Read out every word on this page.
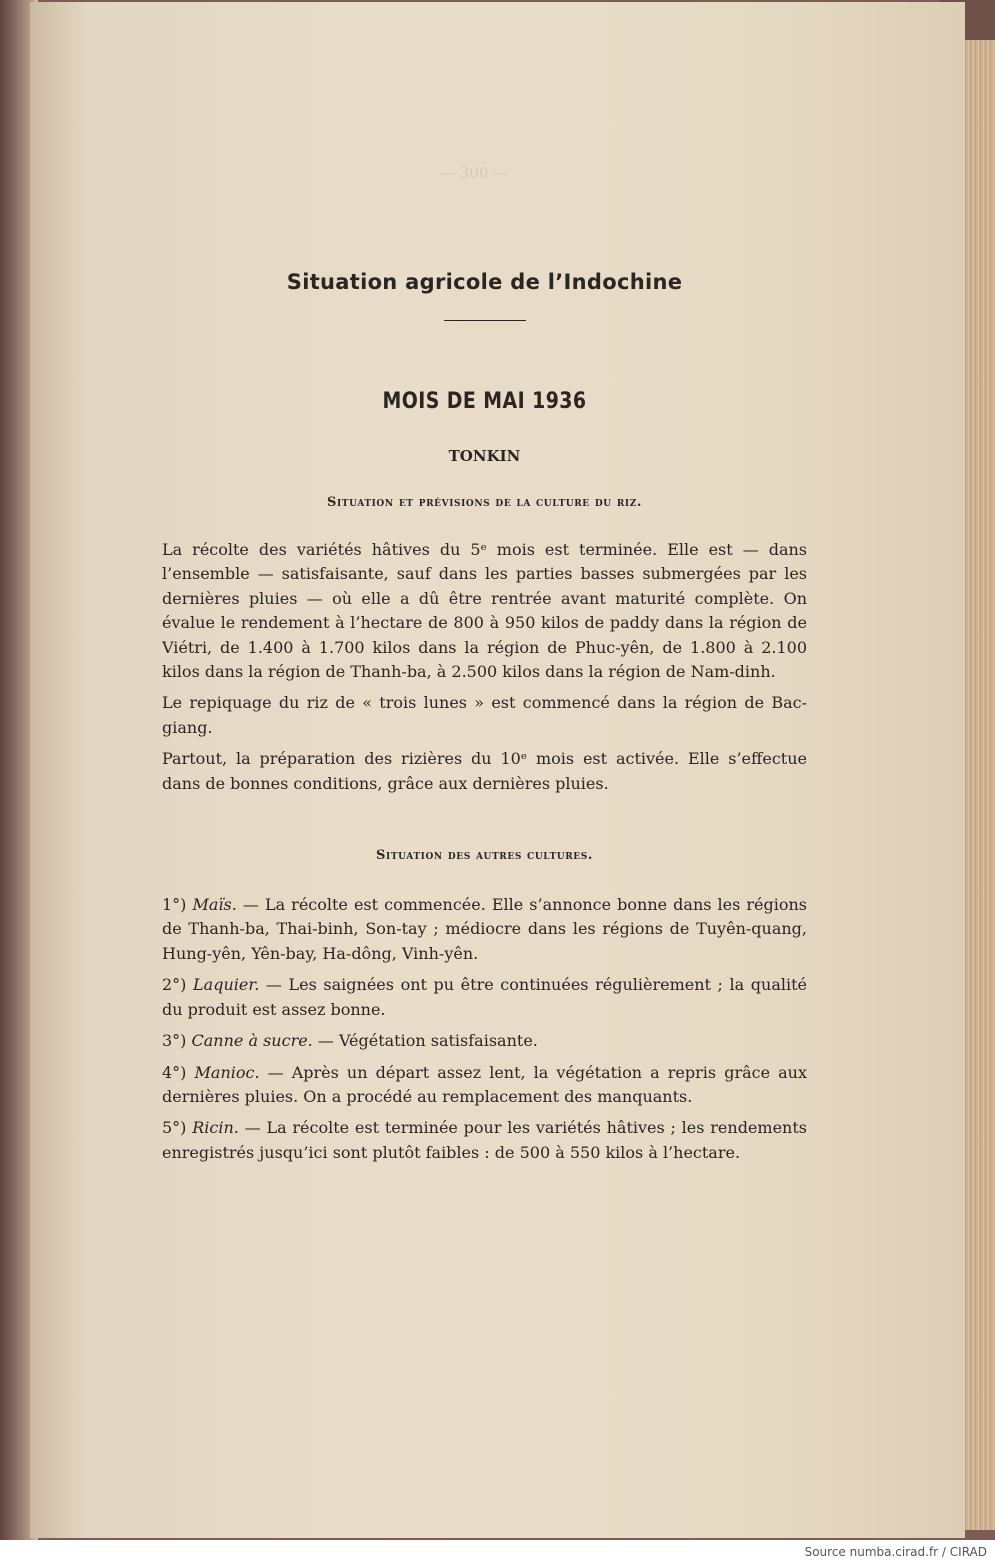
— 300 —
Situation agricole de l’Indochine
MOIS DE MAI 1936
TONKIN
Situation et prévisions de la culture du riz.

La récolte des variétés hâtives du 5ᵉ mois est terminée. Elle est — dans l’ensemble — satisfaisante, sauf dans les parties basses submergées par les dernières pluies — où elle a dû être rentrée avant maturité complète. On évalue le rendement à l’hectare de 800 à 950 kilos de paddy dans la région de Viétri, de 1.400 à 1.700 kilos dans la région de Phuc-yên, de 1.800 à 2.100 kilos dans la région de Thanh-ba, à 2.500 kilos dans la région de Nam-dinh.

Le repiquage du riz de « trois lunes » est commencé dans la région de Bac-giang.

Partout, la préparation des rizières du 10ᵉ mois est activée. Elle s’effectue dans de bonnes conditions, grâce aux dernières pluies.

Situation des autres cultures.

1°) Maïs. — La récolte est commencée. Elle s’annonce bonne dans les régions de Thanh-ba, Thai-binh, Son-tay ; médiocre dans les régions de Tuyên-quang, Hung-yên, Yên-bay, Ha-dông, Vinh-yên.

2°) Laquier. — Les saignées ont pu être continuées régulièrement ; la qualité du produit est assez bonne.

3°) Canne à sucre. — Végétation satisfaisante.

4°) Manioc. — Après un départ assez lent, la végétation a repris grâce aux dernières pluies. On a procédé au remplacement des manquants.

5°) Ricin. — La récolte est terminée pour les variétés hâtives ; les rendements enregistrés jusqu’ici sont plutôt faibles : de 500 à 550 kilos à l’hectare.

Source numba.cirad.fr / CIRAD
